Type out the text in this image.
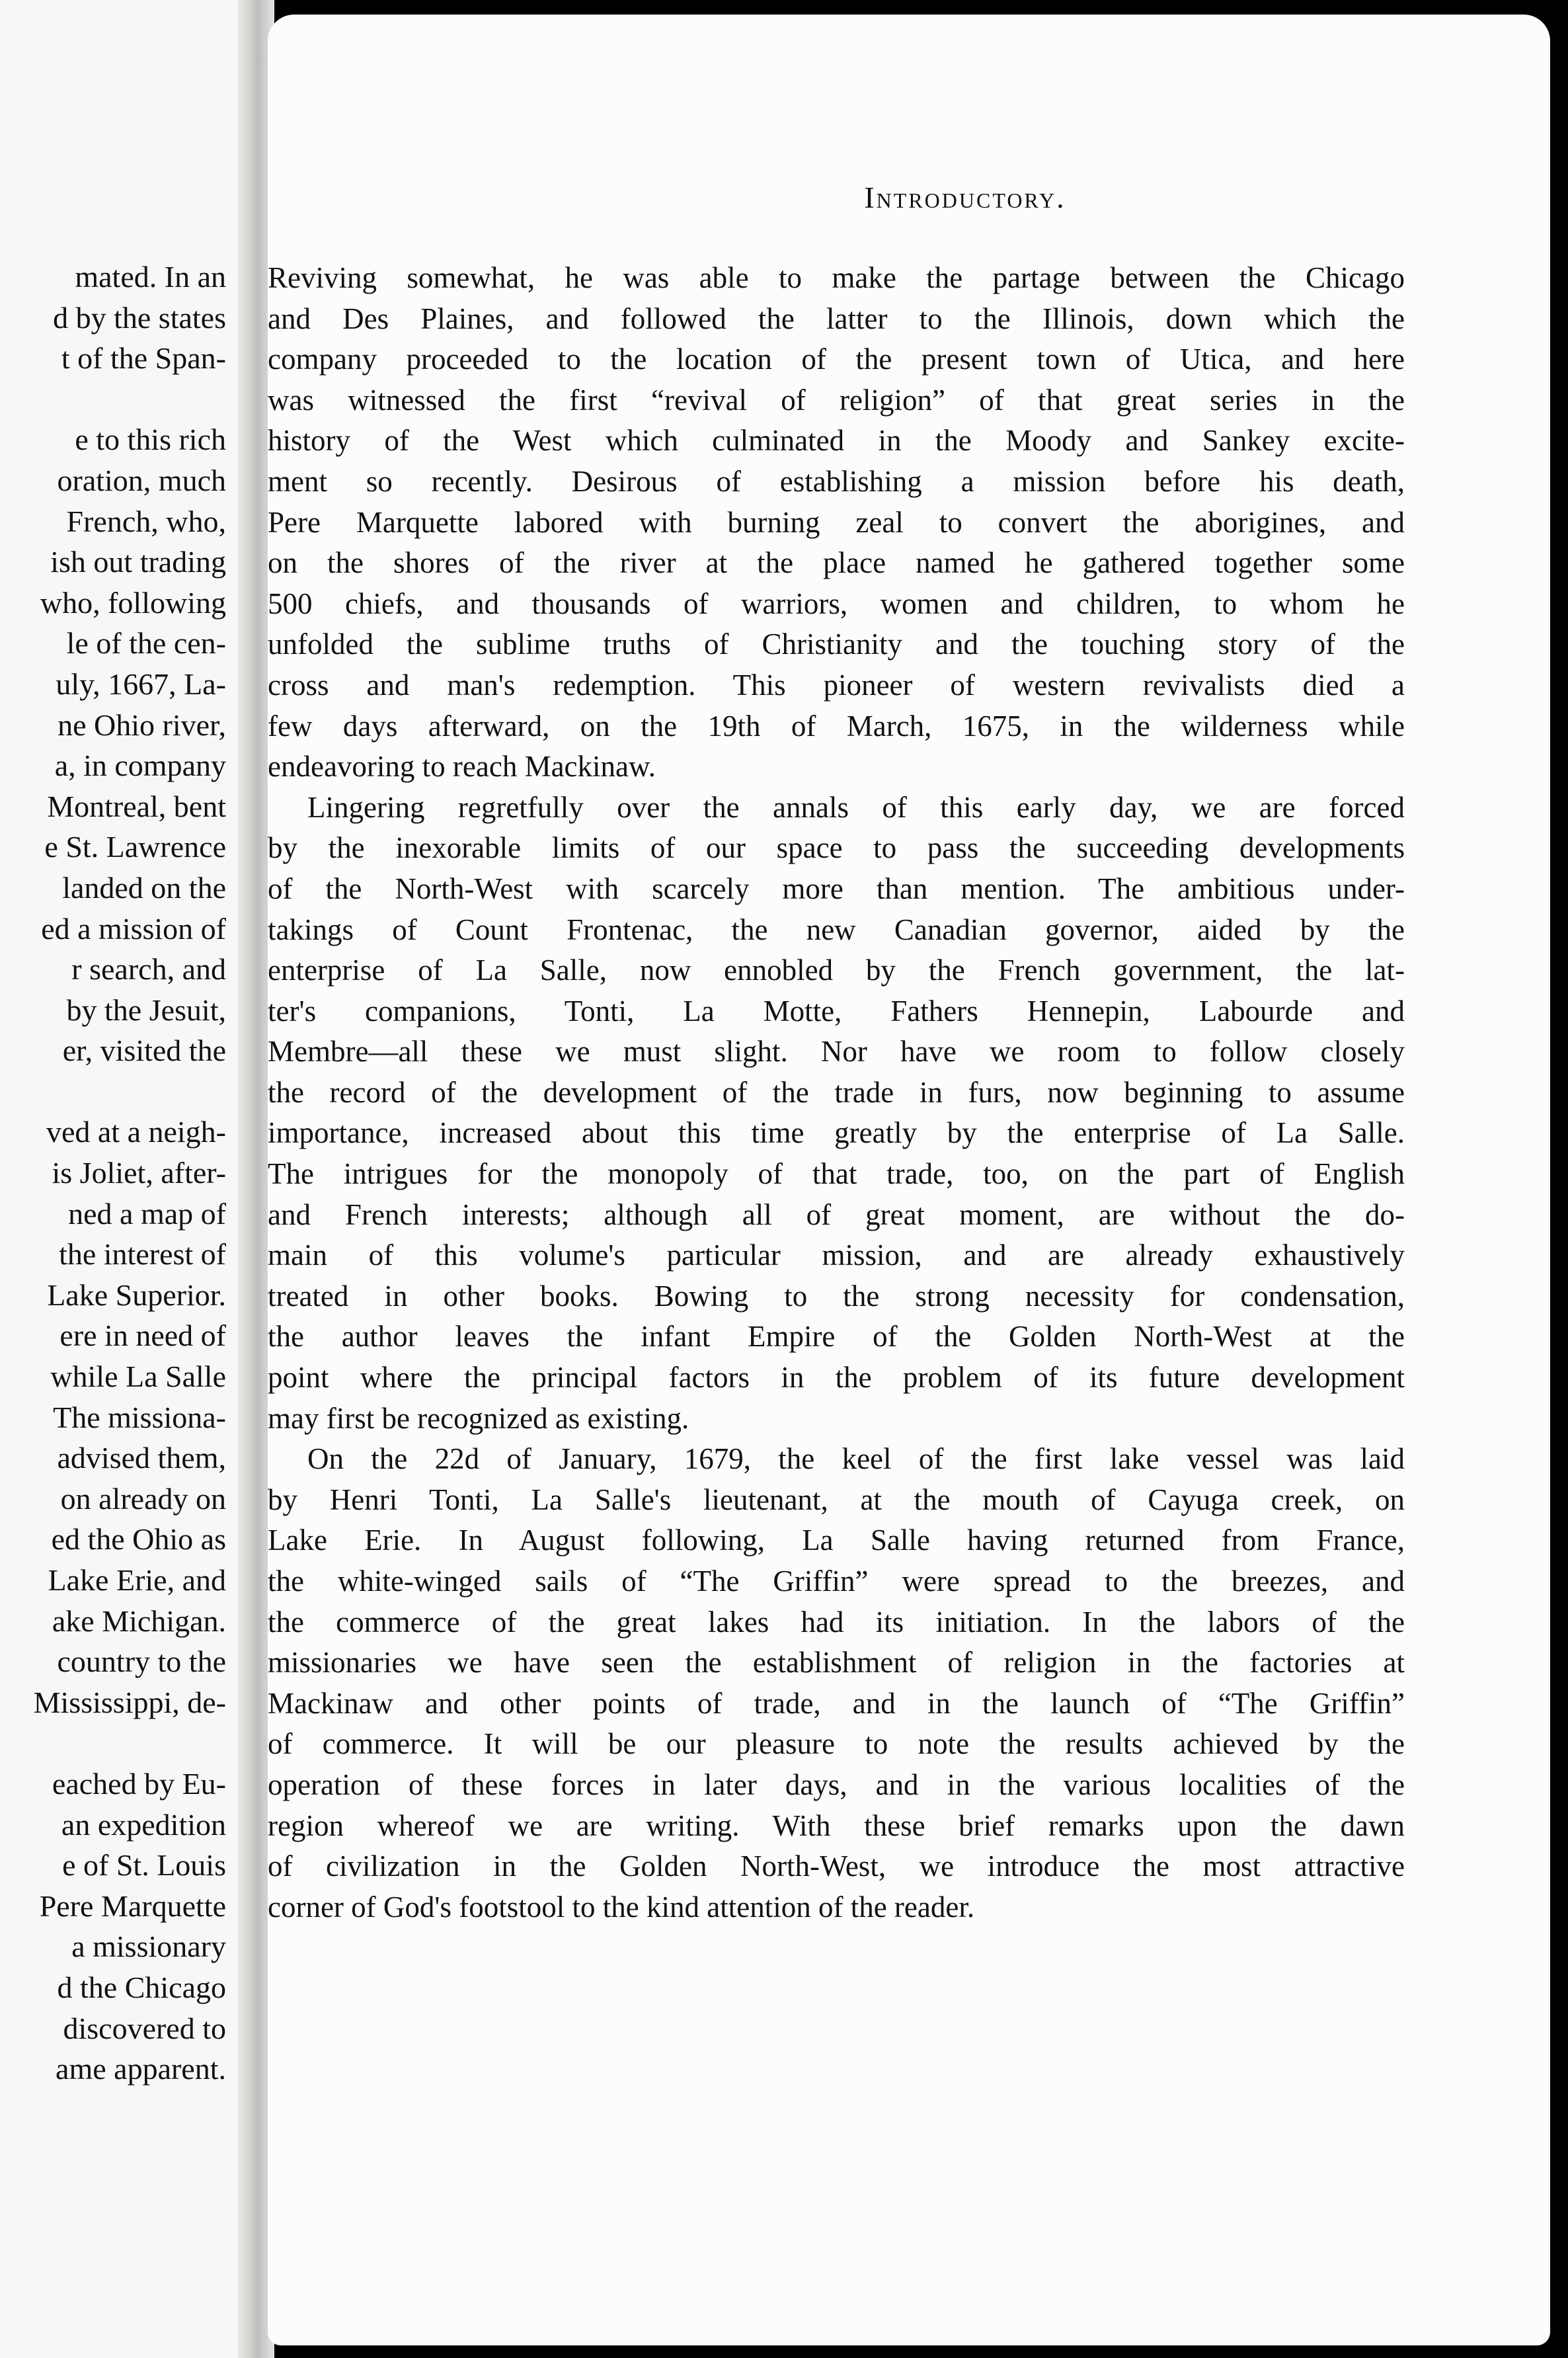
mated. In an
d by the states
t of the Span-
e to this rich
oration, much
French, who,
ish out trading
who, following
le of the cen-
uly, 1667, La-
ne Ohio river,
a, in company
Montreal, bent
e St. Lawrence
landed on the
ed a mission of
r search, and
by the Jesuit,
er, visited the
ved at a neigh-
is Joliet, after-
ned a map of
the interest of
Lake Superior.
ere in need of
while La Salle
The missiona-
advised them,
on already on
ed the Ohio as
Lake Erie, and
ake Michigan.
country to the
Mississippi, de-
eached by Eu-
an expedition
e of St. Louis
Pere Marquette
a missionary
d the Chicago
discovered to
ame apparent.
Introductory.

Reviving somewhat, he was able to make the partage between the Chicago
and Des Plaines, and followed the latter to the Illinois, down which the
company proceeded to the location of the present town of Utica, and here
was witnessed the first “revival of religion” of that great series in the
history of the West which culminated in the Moody and Sankey excite-
ment so recently. Desirous of establishing a mission before his death,
Pere Marquette labored with burning zeal to convert the aborigines, and
on the shores of the river at the place named he gathered together some
500 chiefs, and thousands of warriors, women and children, to whom he
unfolded the sublime truths of Christianity and the touching story of the
cross and man's redemption. This pioneer of western revivalists died a
few days afterward, on the 19th of March, 1675, in the wilderness while
endeavoring to reach Mackinaw.

Lingering regretfully over the annals of this early day, we are forced
by the inexorable limits of our space to pass the succeeding developments
of the North-West with scarcely more than mention. The ambitious under-
takings of Count Frontenac, the new Canadian governor, aided by the
enterprise of La Salle, now ennobled by the French government, the lat-
ter's companions, Tonti, La Motte, Fathers Hennepin, Labourde and
Membre—all these we must slight. Nor have we room to follow closely
the record of the development of the trade in furs, now beginning to assume
importance, increased about this time greatly by the enterprise of La Salle.
The intrigues for the monopoly of that trade, too, on the part of English
and French interests; although all of great moment, are without the do-
main of this volume's particular mission, and are already exhaustively
treated in other books. Bowing to the strong necessity for condensation,
the author leaves the infant Empire of the Golden North-West at the
point where the principal factors in the problem of its future development
may first be recognized as existing.

On the 22d of January, 1679, the keel of the first lake vessel was laid
by Henri Tonti, La Salle's lieutenant, at the mouth of Cayuga creek, on
Lake Erie. In August following, La Salle having returned from France,
the white-winged sails of “The Griffin” were spread to the breezes, and
the commerce of the great lakes had its initiation. In the labors of the
missionaries we have seen the establishment of religion in the factories at
Mackinaw and other points of trade, and in the launch of “The Griffin”
of commerce. It will be our pleasure to note the results achieved by the
operation of these forces in later days, and in the various localities of the
region whereof we are writing. With these brief remarks upon the dawn
of civilization in the Golden North-West, we introduce the most attractive
corner of God's footstool to the kind attention of the reader.
